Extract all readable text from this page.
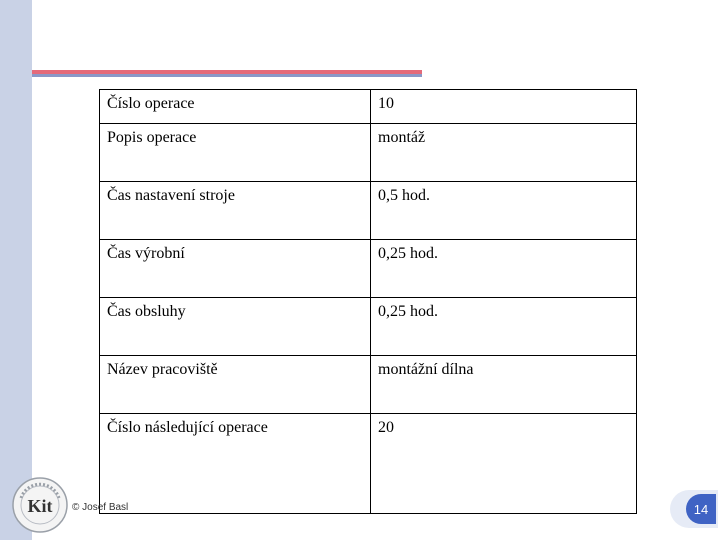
Číslo operace	10
Popis operace	montáž
Čas nastavení stroje	0,5 hod.
Čas výrobní	0,25 hod.
Čas obsluhy	0,25 hod.
Název pracoviště	montážní dílna
Číslo následující operace	20
Kit © Josef Basl	14
